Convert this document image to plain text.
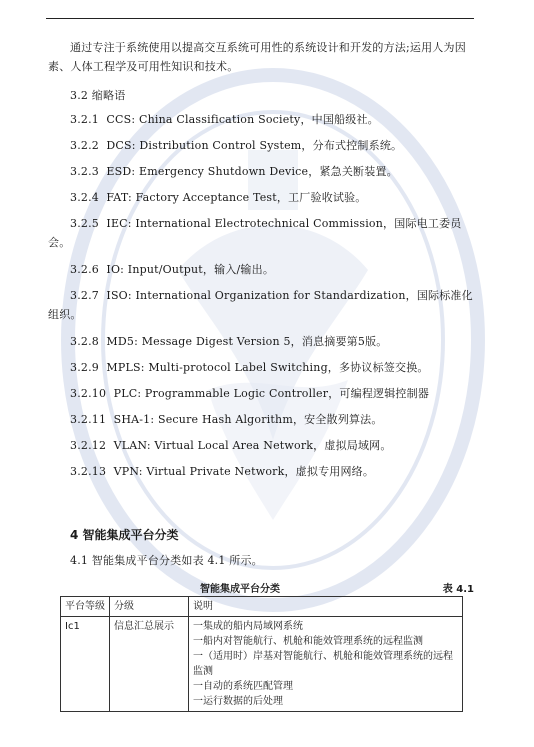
通过专注于系统使用以提高交互系统可用性的系统设计和开发的方法;运用人为因素、人体工程学及可用性知识和技术。

3.2 缩略语

3.2.1 CCS: China Classification Society，中国船级社。

3.2.2 DCS: Distribution Control System，分布式控制系统。

3.2.3 ESD: Emergency Shutdown Device，紧急关断装置。

3.2.4 FAT: Factory Acceptance Test，工厂验收试验。

3.2.5 IEC: International Electrotechnical Commission，国际电工委员会。

3.2.6 IO: Input/Output，输入/输出。

3.2.7 ISO: International Organization for Standardization，国际标准化组织。

3.2.8 MD5: Message Digest Version 5，消息摘要第5版。

3.2.9 MPLS: Multi-protocol Label Switching，多协议标签交换。

3.2.10 PLC: Programmable Logic Controller，可编程逻辑控制器

3.2.11 SHA-1: Secure Hash Algorithm，安全散列算法。

3.2.12 VLAN: Virtual Local Area Network，虚拟局域网。

3.2.13 VPN: Virtual Private Network，虚拟专用网络。

4 智能集成平台分类

4.1 智能集成平台分类如表 4.1 所示。

智能集成平台分类	表 4.1
平台等级	分级	说明
Ic1	信息汇总展示	一集成的船内局域网系统
一船内对智能航行、机舱和能效管理系统的远程监测
一（适用时）岸基对智能航行、机舱和能效管理系统的远程监测
一自动的系统匹配管理
一运行数据的后处理
